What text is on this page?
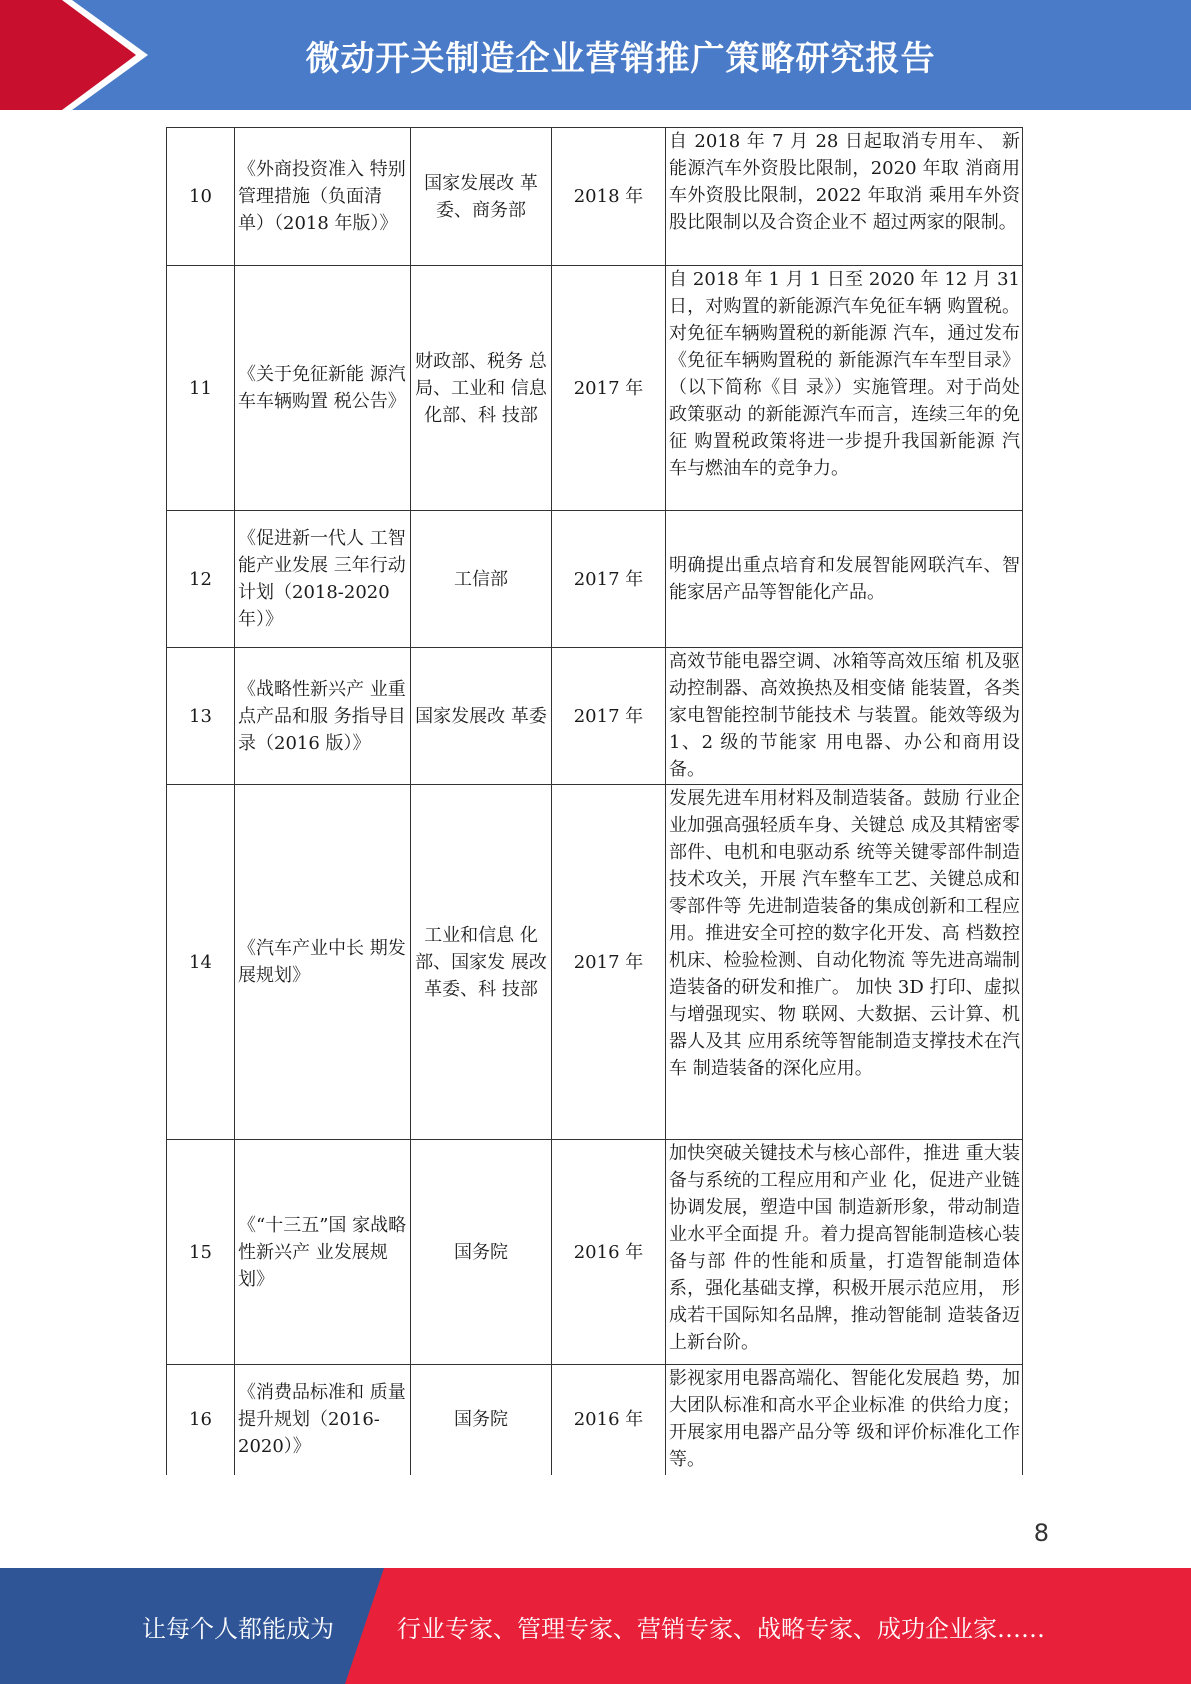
微动开关制造企业营销推广策略研究报告
10	《外商投资准入 特别管理措施（负面清单）（2018 年版）》	国家发展改 革委、商务部	2018 年	自 2018 年 7 月 28 日起取消专用车、 新能源汽车外资股比限制，2020 年取 消商用车外资股比限制，2022 年取消 乘用车外资股比限制以及合资企业不 超过两家的限制。
11	《关于免征新能 源汽车车辆购置 税公告》	财政部、税务 总局、工业和 信息化部、科 技部	2017 年	自 2018 年 1 月 1 日至 2020 年 12 月 31 日，对购置的新能源汽车免征车辆 购置税。对免征车辆购置税的新能源 汽车，通过发布《免征车辆购置税的 新能源汽车车型目录》（以下简称《目 录》）实施管理。对于尚处政策驱动 的新能源汽车而言，连续三年的免征 购置税政策将进一步提升我国新能源 汽车与燃油车的竞争力。
12	《促进新一代人 工智能产业发展 三年行动计划（2018-2020 年）》	工信部	2017 年	明确提出重点培育和发展智能网联汽车、智能家居产品等智能化产品。
13	《战略性新兴产 业重点产品和服 务指导目录（2016 版）》	国家发展改 革委	2017 年	高效节能电器空调、冰箱等高效压缩 机及驱动控制器、高效换热及相变储 能装置，各类家电智能控制节能技术 与装置。能效等级为 1、2 级的节能家 用电器、办公和商用设备。
14	《汽车产业中长 期发展规划》	工业和信息 化部、国家发 展改革委、科 技部	2017 年	发展先进车用材料及制造装备。鼓励 行业企业加强高强轻质车身、关键总 成及其精密零部件、电机和电驱动系 统等关键零部件制造技术攻关，开展 汽车整车工艺、关键总成和零部件等 先进制造装备的集成创新和工程应 用。推进安全可控的数字化开发、高 档数控机床、检验检测、自动化物流 等先进高端制造装备的研发和推广。 加快 3D 打印、虚拟与增强现实、物 联网、大数据、云计算、机器人及其 应用系统等智能制造支撑技术在汽车 制造装备的深化应用。
15	《“十三五”国 家战略性新兴产 业发展规划》	国务院	2016 年	加快突破关键技术与核心部件，推进 重大装备与系统的工程应用和产业 化，促进产业链协调发展，塑造中国 制造新形象，带动制造业水平全面提 升。着力提高智能制造核心装备与部 件的性能和质量，打造智能制造体系，强化基础支撑，积极开展示范应用， 形成若干国际知名品牌，推动智能制 造装备迈上新台阶。
16	《消费品标准和 质量提升规划（2016-2020）》	国务院	2016 年	影视家用电器高端化、智能化发展趋 势，加大团队标准和高水平企业标准 的供给力度；开展家用电器产品分等 级和评价标准化工作等。
8
让每个人都能成为	行业专家、管理专家、营销专家、战略专家、成功企业家……
